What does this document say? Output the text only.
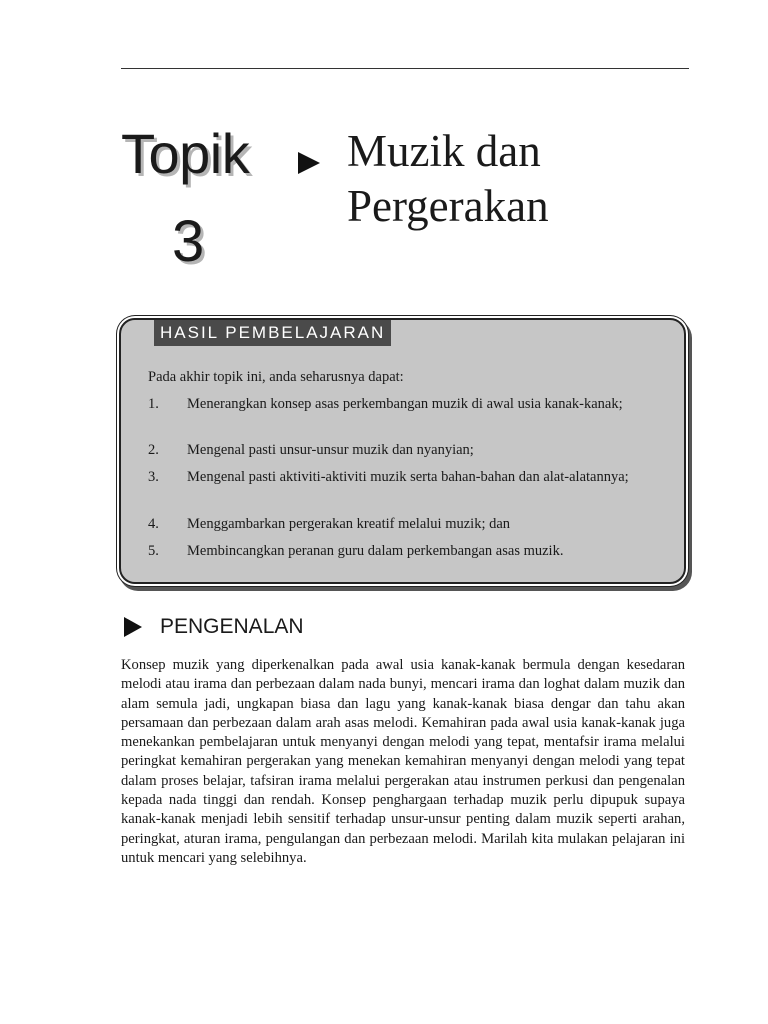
Topik
3
Muzik dan
Pergerakan
HASIL PEMBELAJARAN
Pada akhir topik ini, anda seharusnya dapat:
1. Menerangkan konsep asas perkembangan muzik di awal usia kanak-kanak;
2. Mengenal pasti unsur-unsur muzik dan nyanyian;
3. Mengenal pasti aktiviti-aktiviti muzik serta bahan-bahan dan alat-alatannya;
4. Menggambarkan pergerakan kreatif melalui muzik; dan
5. Membincangkan peranan guru dalam perkembangan asas muzik.
PENGENALAN
Konsep muzik yang diperkenalkan pada awal usia kanak-kanak bermula dengan kesedaran melodi atau irama dan perbezaan dalam nada bunyi, mencari irama dan loghat dalam muzik dan alam semula jadi, ungkapan biasa dan lagu yang kanak-kanak biasa dengar dan tahu akan persamaan dan perbezaan dalam arah asas melodi. Kemahiran pada awal usia kanak-kanak juga menekankan pembelajaran untuk menyanyi dengan melodi yang tepat, mentafsir irama melalui peringkat kemahiran pergerakan yang menekan kemahiran menyanyi dengan melodi yang tepat dalam proses belajar, tafsiran irama melalui pergerakan atau instrumen perkusi dan pengenalan kepada nada tinggi dan rendah. Konsep penghargaan terhadap muzik perlu dipupuk supaya kanak-kanak menjadi lebih sensitif terhadap unsur-unsur penting dalam muzik seperti arahan, peringkat, aturan irama, pengulangan dan perbezaan melodi. Marilah kita mulakan pelajaran ini untuk mencari yang selebihnya.
